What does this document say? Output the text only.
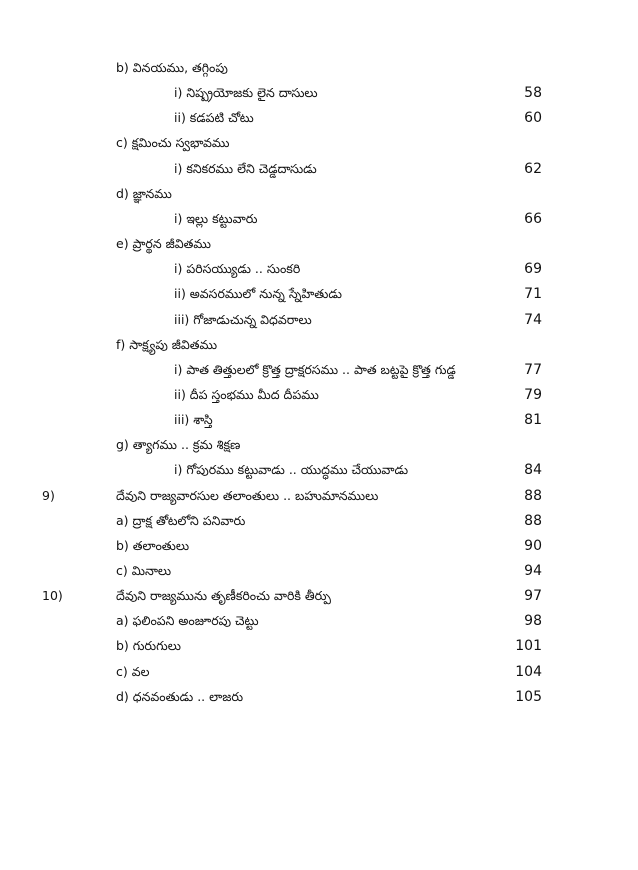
b) వినయము, తగ్గింపు
i) నిష్ప్రయోజకు లైన దాసులు	58
ii) కడపటి చోటు	60
c) క్షమించు స్వభావము
i) కనికరము లేని చెడ్డదాసుడు	62
d) జ్ఞానము
i) ఇల్లు కట్టువారు	66
e) ప్రార్థన జీవితము
i) పరిసయ్యుడు .. సుంకరి	69
ii) అవసరములో నున్న స్నేహితుడు	71
iii) గోజాడుచున్న విధవరాలు	74
f) సాక్ష్యపు జీవితము
i) పాత తిత్తులలో క్రొత్త ద్రాక్షరసము .. పాత బట్టపై క్రొత్త గుడ్డ	77
ii) దీప స్తంభము మీద దీపము	79
iii) శాస్తి	81
g) త్యాగము .. క్రమ శిక్షణ
i) గోపురము కట్టువాడు .. యుద్ధము చేయువాడు	84
9)	దేవుని రాజ్యవారసుల తలాంతులు .. బహుమానములు	88
a) ద్రాక్ష తోటలోని పనివారు	88
b) తలాంతులు	90
c) మినాలు	94
10)	దేవుని రాజ్యమును తృణీకరించు వారికి తీర్పు	97
a) ఫలింపని అంజూరపు చెట్టు	98
b) గురుగులు	101
c) వల	104
d) ధనవంతుడు .. లాజరు	105
